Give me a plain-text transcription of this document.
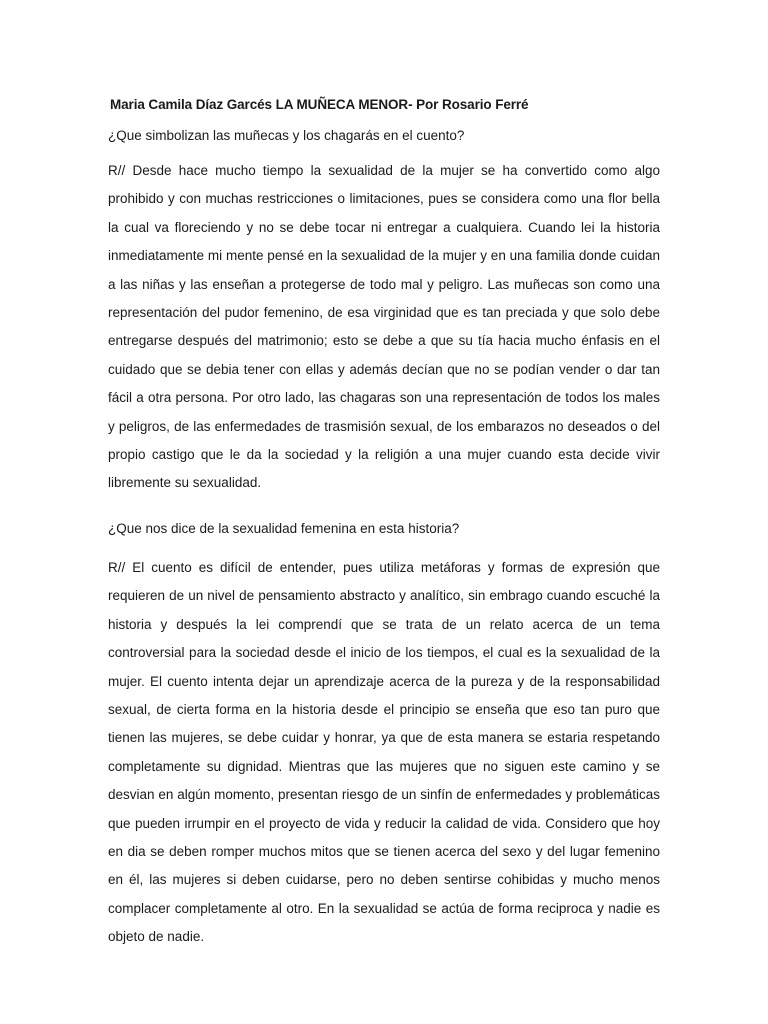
Maria Camila Díaz Garcés LA MUÑECA MENOR- Por Rosario Ferré
¿Que simbolizan las muñecas y los chagarás en el cuento?

R// Desde hace mucho tiempo la sexualidad de la mujer se ha convertido como algo prohibido y con muchas restricciones o limitaciones, pues se considera como una flor bella la cual va floreciendo y no se debe tocar ni entregar a cualquiera. Cuando lei la historia inmediatamente mi mente pensé en la sexualidad de la mujer y en una familia donde cuidan a las niñas y las enseñan a protegerse de todo mal y peligro. Las muñecas son como una representación del pudor femenino, de esa virginidad que es tan preciada y que solo debe entregarse después del matrimonio; esto se debe a que su tía hacia mucho énfasis en el cuidado que se debia tener con ellas y además decían que no se podían vender o dar tan fácil a otra persona. Por otro lado, las chagaras son una representación de todos los males y peligros, de las enfermedades de trasmisión sexual, de los embarazos no deseados o del propio castigo que le da la sociedad y la religión a una mujer cuando esta decide vivir libremente su sexualidad.

¿Que nos dice de la sexualidad femenina en esta historia?

R// El cuento es difícil de entender, pues utiliza metáforas y formas de expresión que requieren de un nivel de pensamiento abstracto y analítico, sin embrago cuando escuché la historia y después la lei comprendí que se trata de un relato acerca de un tema controversial para la sociedad desde el inicio de los tiempos, el cual es la sexualidad de la mujer. El cuento intenta dejar un aprendizaje acerca de la pureza y de la responsabilidad sexual, de cierta forma en la historia desde el principio se enseña que eso tan puro que tienen las mujeres, se debe cuidar y honrar, ya que de esta manera se estaria respetando completamente su dignidad. Mientras que las mujeres que no siguen este camino y se desvian en algún momento, presentan riesgo de un sinfín de enfermedades y problemáticas que pueden irrumpir en el proyecto de vida y reducir la calidad de vida. Considero que hoy en dia se deben romper muchos mitos que se tienen acerca del sexo y del lugar femenino en él, las mujeres si deben cuidarse, pero no deben sentirse cohibidas y mucho menos complacer completamente al otro. En la sexualidad se actúa de forma reciproca y nadie es objeto de nadie.
